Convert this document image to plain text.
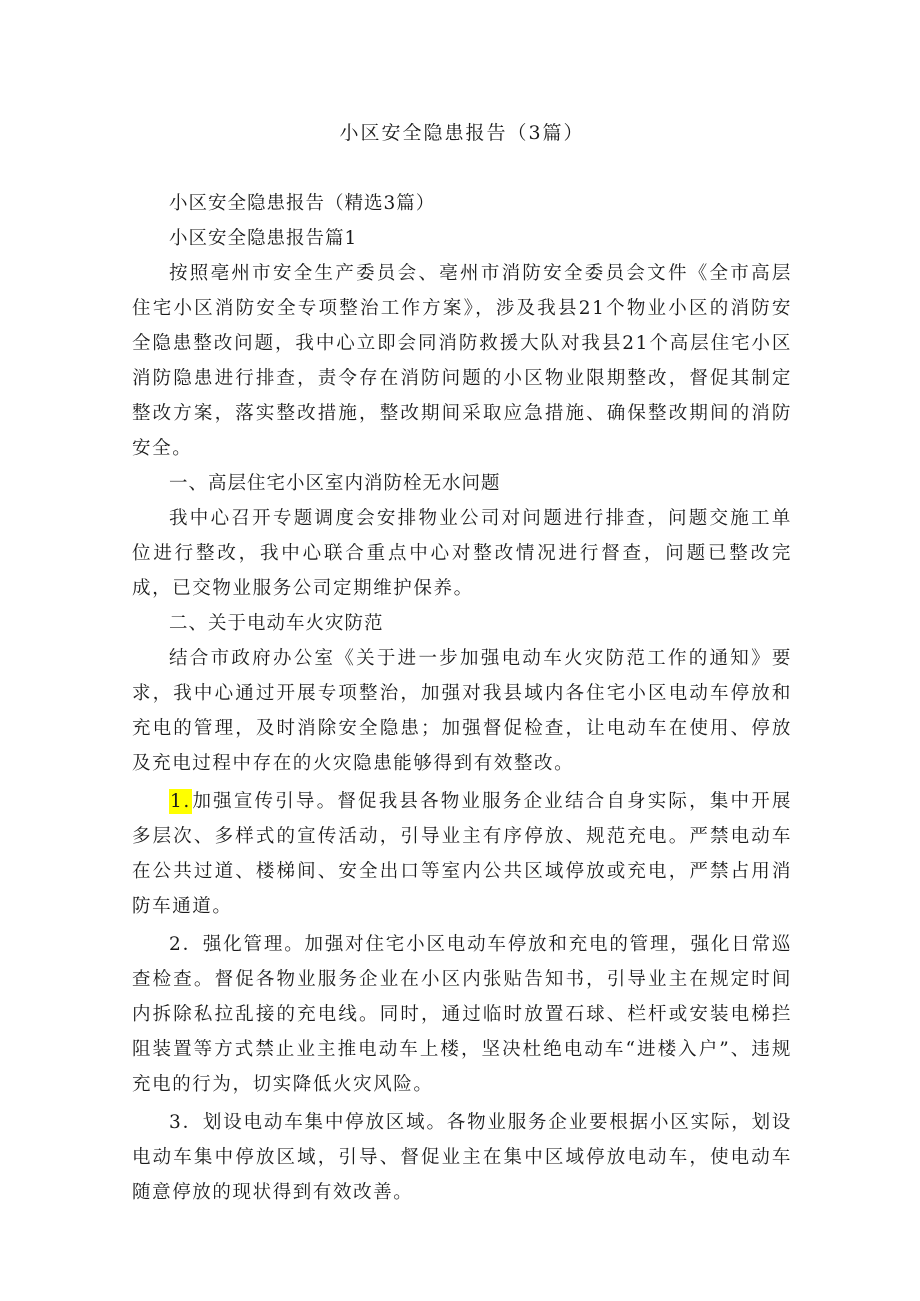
小区安全隐患报告（3篇）

小区安全隐患报告（精选3篇）

小区安全隐患报告篇1

按照亳州市安全生产委员会、亳州市消防安全委员会文件《全市高层住宅小区消防安全专项整治工作方案》，涉及我县21个物业小区的消防安全隐患整改问题，我中心立即会同消防救援大队对我县21个高层住宅小区消防隐患进行排查，责令存在消防问题的小区物业限期整改，督促其制定整改方案，落实整改措施，整改期间采取应急措施、确保整改期间的消防安全。

一、高层住宅小区室内消防栓无水问题

我中心召开专题调度会安排物业公司对问题进行排查，问题交施工单位进行整改，我中心联合重点中心对整改情况进行督查，问题已整改完成，已交物业服务公司定期维护保养。

二、关于电动车火灾防范

结合市政府办公室《关于进一步加强电动车火灾防范工作的通知》要求，我中心通过开展专项整治，加强对我县域内各住宅小区电动车停放和充电的管理，及时消除安全隐患；加强督促检查，让电动车在使用、停放及充电过程中存在的火灾隐患能够得到有效整改。

1.加强宣传引导。督促我县各物业服务企业结合自身实际，集中开展多层次、多样式的宣传活动，引导业主有序停放、规范充电。严禁电动车在公共过道、楼梯间、安全出口等室内公共区域停放或充电，严禁占用消防车通道。

2．强化管理。加强对住宅小区电动车停放和充电的管理，强化日常巡查检查。督促各物业服务企业在小区内张贴告知书，引导业主在规定时间内拆除私拉乱接的充电线。同时，通过临时放置石球、栏杆或安装电梯拦阻装置等方式禁止业主推电动车上楼，坚决杜绝电动车“进楼入户”、违规充电的行为，切实降低火灾风险。

3．划设电动车集中停放区域。各物业服务企业要根据小区实际，划设电动车集中停放区域，引导、督促业主在集中区域停放电动车，使电动车随意停放的现状得到有效改善。
